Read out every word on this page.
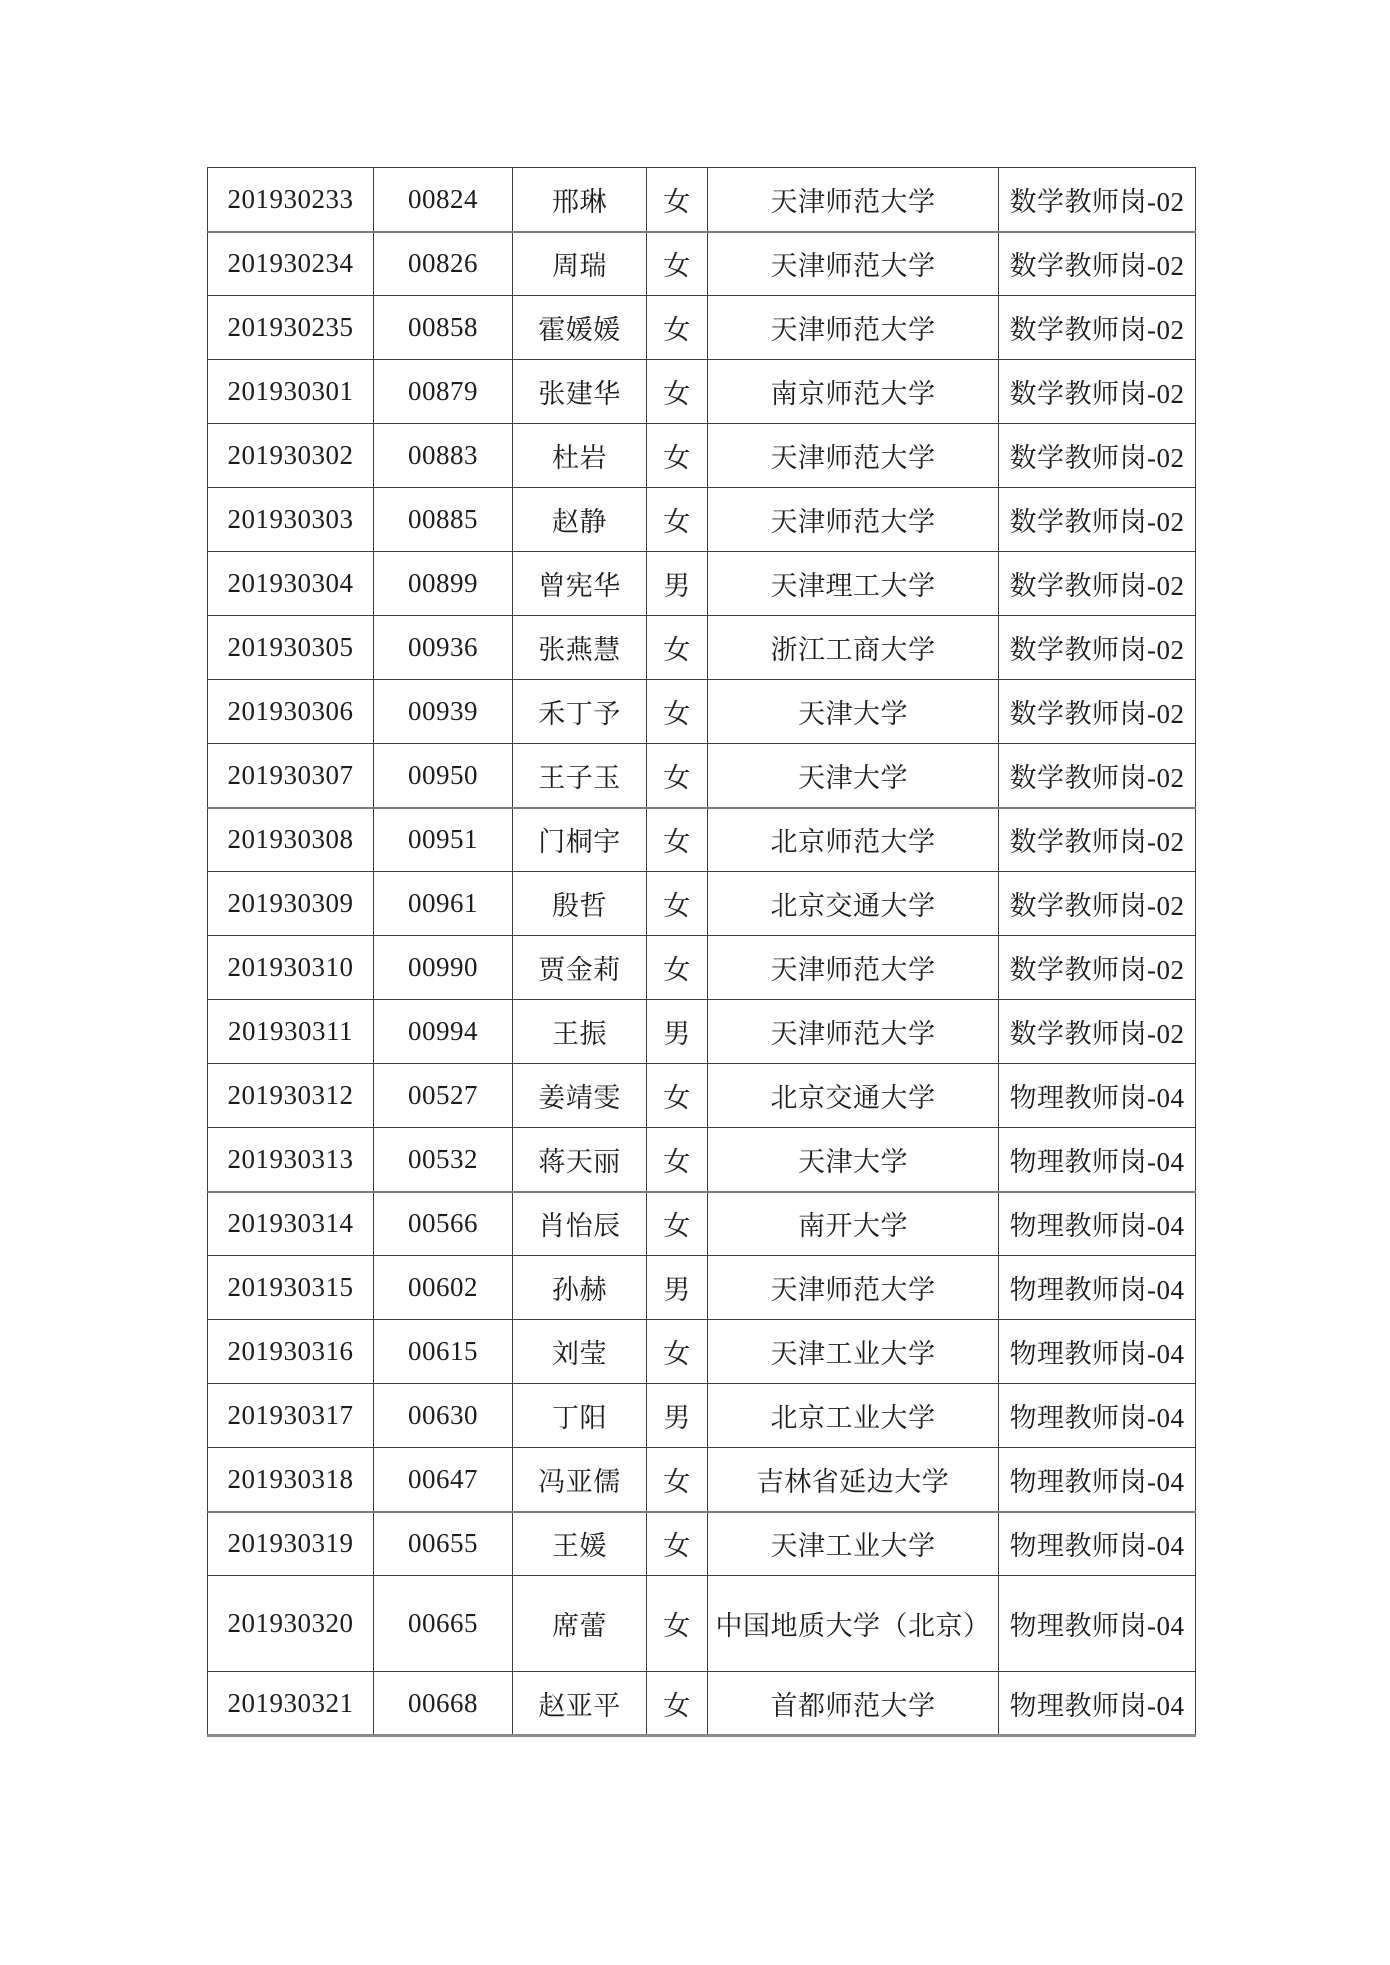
201930233	00824	邢琳	女	天津师范大学	数学教师岗-02
201930234	00826	周瑞	女	天津师范大学	数学教师岗-02
201930235	00858	霍媛媛	女	天津师范大学	数学教师岗-02
201930301	00879	张建华	女	南京师范大学	数学教师岗-02
201930302	00883	杜岩	女	天津师范大学	数学教师岗-02
201930303	00885	赵静	女	天津师范大学	数学教师岗-02
201930304	00899	曾宪华	男	天津理工大学	数学教师岗-02
201930305	00936	张燕慧	女	浙江工商大学	数学教师岗-02
201930306	00939	禾丁予	女	天津大学	数学教师岗-02
201930307	00950	王子玉	女	天津大学	数学教师岗-02
201930308	00951	门桐宇	女	北京师范大学	数学教师岗-02
201930309	00961	殷哲	女	北京交通大学	数学教师岗-02
201930310	00990	贾金莉	女	天津师范大学	数学教师岗-02
201930311	00994	王振	男	天津师范大学	数学教师岗-02
201930312	00527	姜靖雯	女	北京交通大学	物理教师岗-04
201930313	00532	蒋天丽	女	天津大学	物理教师岗-04
201930314	00566	肖怡辰	女	南开大学	物理教师岗-04
201930315	00602	孙赫	男	天津师范大学	物理教师岗-04
201930316	00615	刘莹	女	天津工业大学	物理教师岗-04
201930317	00630	丁阳	男	北京工业大学	物理教师岗-04
201930318	00647	冯亚儒	女	吉林省延边大学	物理教师岗-04
201930319	00655	王媛	女	天津工业大学	物理教师岗-04
201930320	00665	席蕾	女	中国地质大学（北京）	物理教师岗-04
201930321	00668	赵亚平	女	首都师范大学	物理教师岗-04
